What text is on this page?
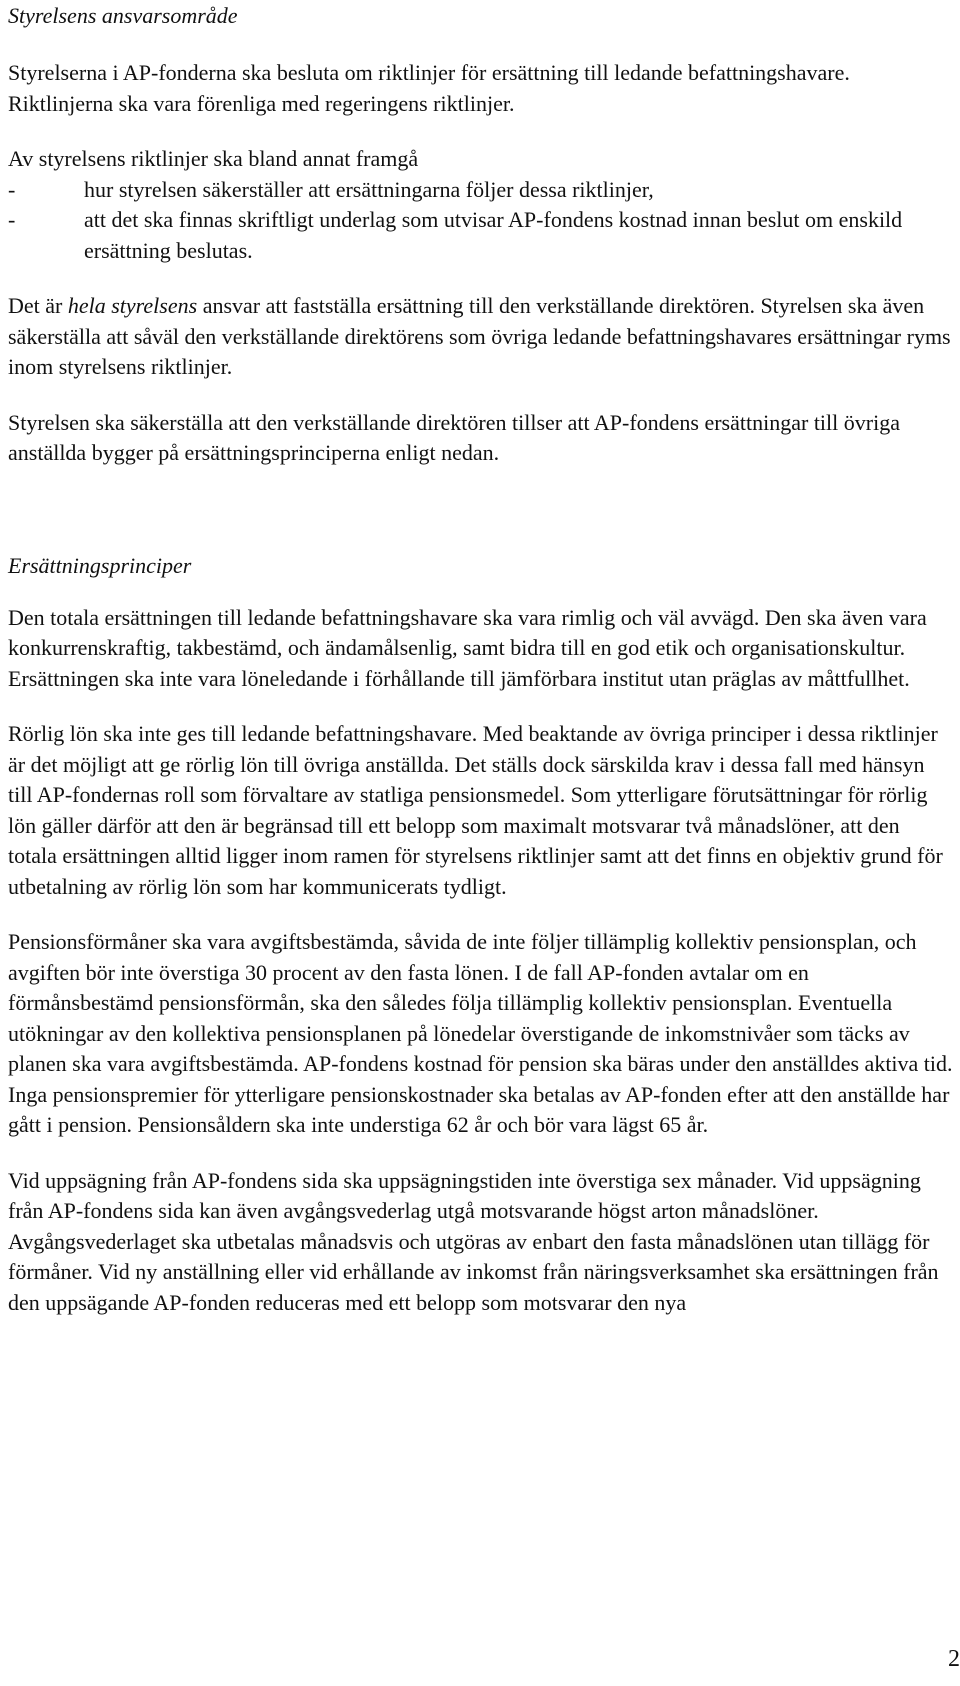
Styrelsens ansvarsområde

Styrelserna i AP-fonderna ska besluta om riktlinjer för ersättning till ledande befattningshavare. Riktlinjerna ska vara förenliga med regeringens riktlinjer.

Av styrelsens riktlinjer ska bland annat framgå

-	hur styrelsen säkerställer att ersättningarna följer dessa riktlinjer,
-	att det ska finnas skriftligt underlag som utvisar AP-fondens kostnad innan beslut om enskild ersättning beslutas.

Det är hela styrelsens ansvar att fastställa ersättning till den verkställande direktören. Styrelsen ska även säkerställa att såväl den verkställande direktörens som övriga ledande befattningshavares ersättningar ryms inom styrelsens riktlinjer.

Styrelsen ska säkerställa att den verkställande direktören tillser att AP-fondens ersättningar till övriga anställda bygger på ersättningsprinciperna enligt nedan.

Ersättningsprinciper

Den totala ersättningen till ledande befattningshavare ska vara rimlig och väl avvägd. Den ska även vara konkurrenskraftig, takbestämd, och ändamålsenlig, samt bidra till en god etik och organisationskultur. Ersättningen ska inte vara löneledande i förhållande till jämförbara institut utan präglas av måttfullhet.

Rörlig lön ska inte ges till ledande befattningshavare. Med beaktande av övriga principer i dessa riktlinjer är det möjligt att ge rörlig lön till övriga anställda. Det ställs dock särskilda krav i dessa fall med hänsyn till AP-fondernas roll som förvaltare av statliga pensionsmedel. Som ytterligare förutsättningar för rörlig lön gäller därför att den är begränsad till ett belopp som maximalt motsvarar två månadslöner, att den totala ersättningen alltid ligger inom ramen för styrelsens riktlinjer samt att det finns en objektiv grund för utbetalning av rörlig lön som har kommunicerats tydligt.

Pensionsförmåner ska vara avgiftsbestämda, såvida de inte följer tillämplig kollektiv pensionsplan, och avgiften bör inte överstiga 30 procent av den fasta lönen. I de fall AP-fonden avtalar om en förmånsbestämd pensionsförmån, ska den således följa tillämplig kollektiv pensionsplan. Eventuella utökningar av den kollektiva pensionsplanen på lönedelar överstigande de inkomstnivåer som täcks av planen ska vara avgiftsbestämda. AP-fondens kostnad för pension ska bäras under den anställdes aktiva tid. Inga pensionspremier för ytterligare pensionskostnader ska betalas av AP-fonden efter att den anställde har gått i pension. Pensionsåldern ska inte understiga 62 år och bör vara lägst 65 år.

Vid uppsägning från AP-fondens sida ska uppsägningstiden inte överstiga sex månader. Vid uppsägning från AP-fondens sida kan även avgångsvederlag utgå motsvarande högst arton månadslöner. Avgångsvederlaget ska utbetalas månadsvis och utgöras av enbart den fasta månadslönen utan tillägg för förmåner. Vid ny anställning eller vid erhållande av inkomst från näringsverksamhet ska ersättningen från den uppsägande AP-fonden reduceras med ett belopp som motsvarar den nya

2
